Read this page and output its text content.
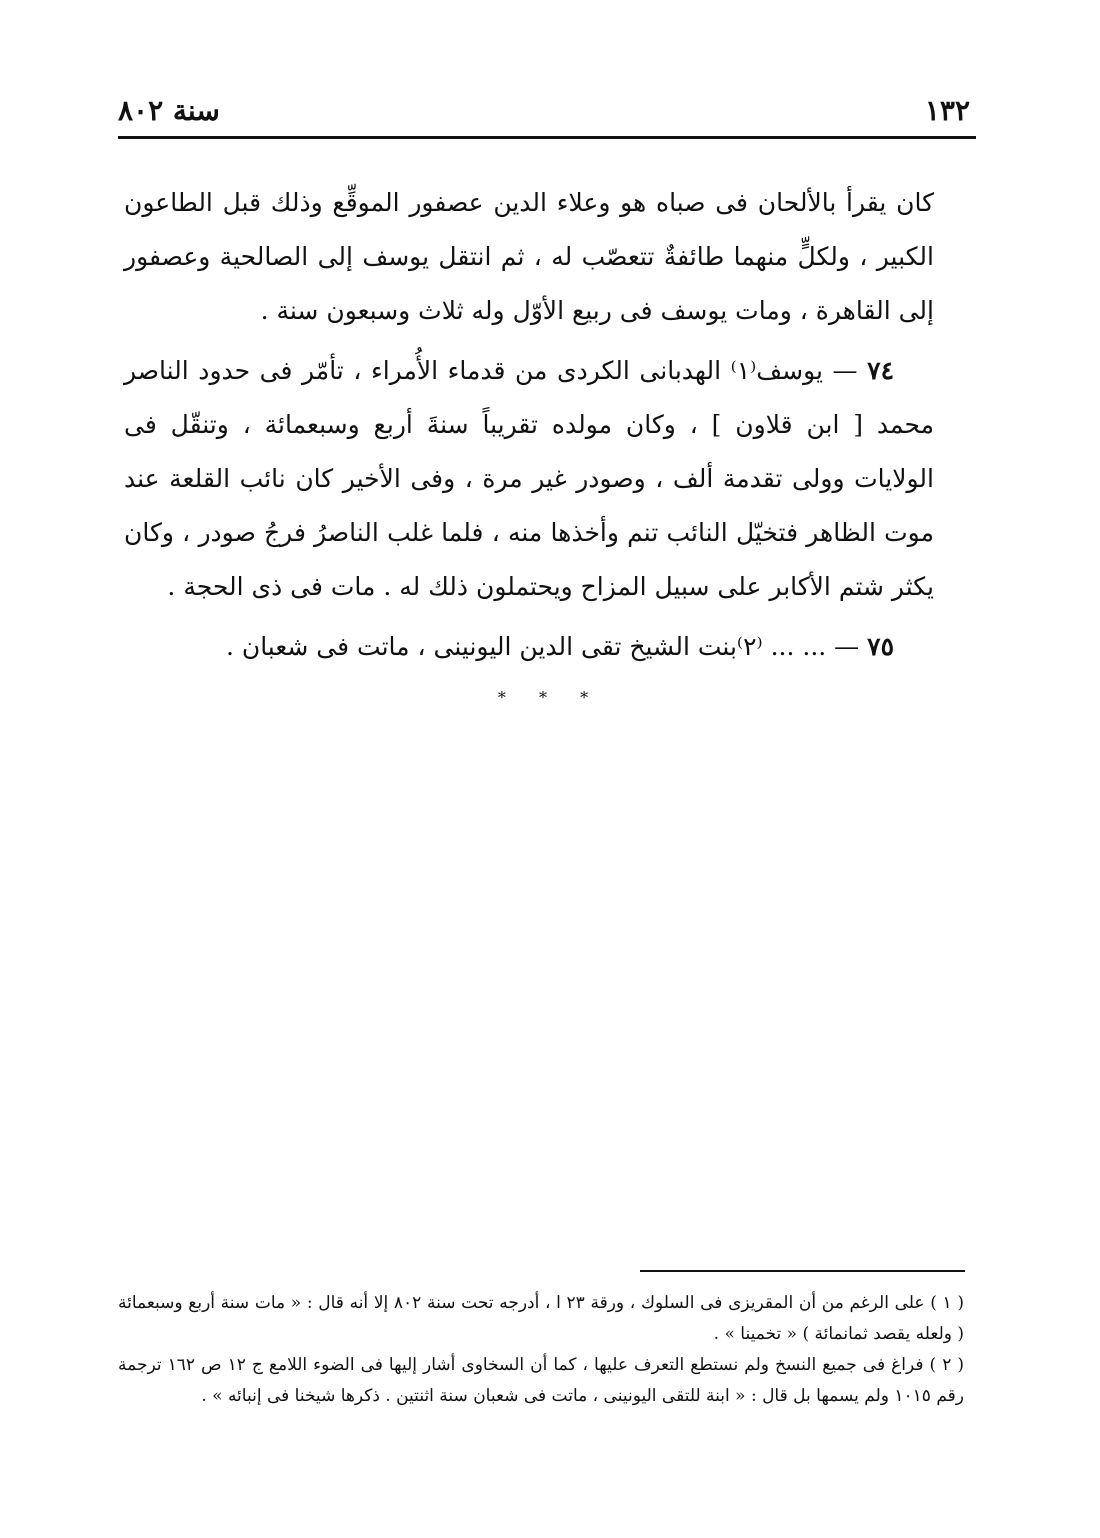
١٣٢
سنة ٨٠٢

كان يقرأ بالألحان فى صباه هو وعلاء الدين عصفور الموقِّع وذلك قبل الطاعون الكبير ، ولكلٍّ منهما طائفةٌ تتعصّب له ، ثم انتقل يوسف إلى الصالحية وعصفور إلى القاهرة ، ومات يوسف فى ربيع الأوّل وله ثلاث وسبعون سنة .

٧٤ — يوسف⁽١⁾ الهدبانى الكردى من قدماء الأُمراء ، تأمّر فى حدود الناصر محمد [ ابن قلاون ] ، وكان مولده تقريباً سنةَ أربع وسبعمائة ، وتنقّل فى الولايات وولى تقدمة ألف ، وصودر غير مرة ، وفى الأخير كان نائب القلعة عند موت الظاهر فتخيّل النائب تنم وأخذها منه ، فلما غلب الناصرُ فرجُ صودر ، وكان يكثر شتم الأكابر على سبيل المزاح ويحتملون ذلك له . مات فى ذى الحجة .

٧٥ — ... ... ⁽٢⁾بنت الشيخ تقى الدين اليونينى ، ماتت فى شعبان .

* * *

( ١ ) على الرغم من أن المقريزى فى السلوك ، ورقة ٢٣ ا ، أدرجه تحت سنة ٨٠٢ إلا أنه قال : « مات سنة أربع وسبعمائة ( ولعله يقصد ثمانمائة ) « تخمينا » .

( ٢ ) فراغ فى جميع النسخ ولم نستطع التعرف عليها ، كما أن السخاوى أشار إليها فى الضوء اللامع ج ١٢ ص ١٦٢ ترجمة رقم ١٠١٥ ولم يسمها بل قال : « ابنة للتقى اليونينى ، ماتت فى شعبان سنة اثنتين . ذكرها شيخنا فى إنبائه » .
